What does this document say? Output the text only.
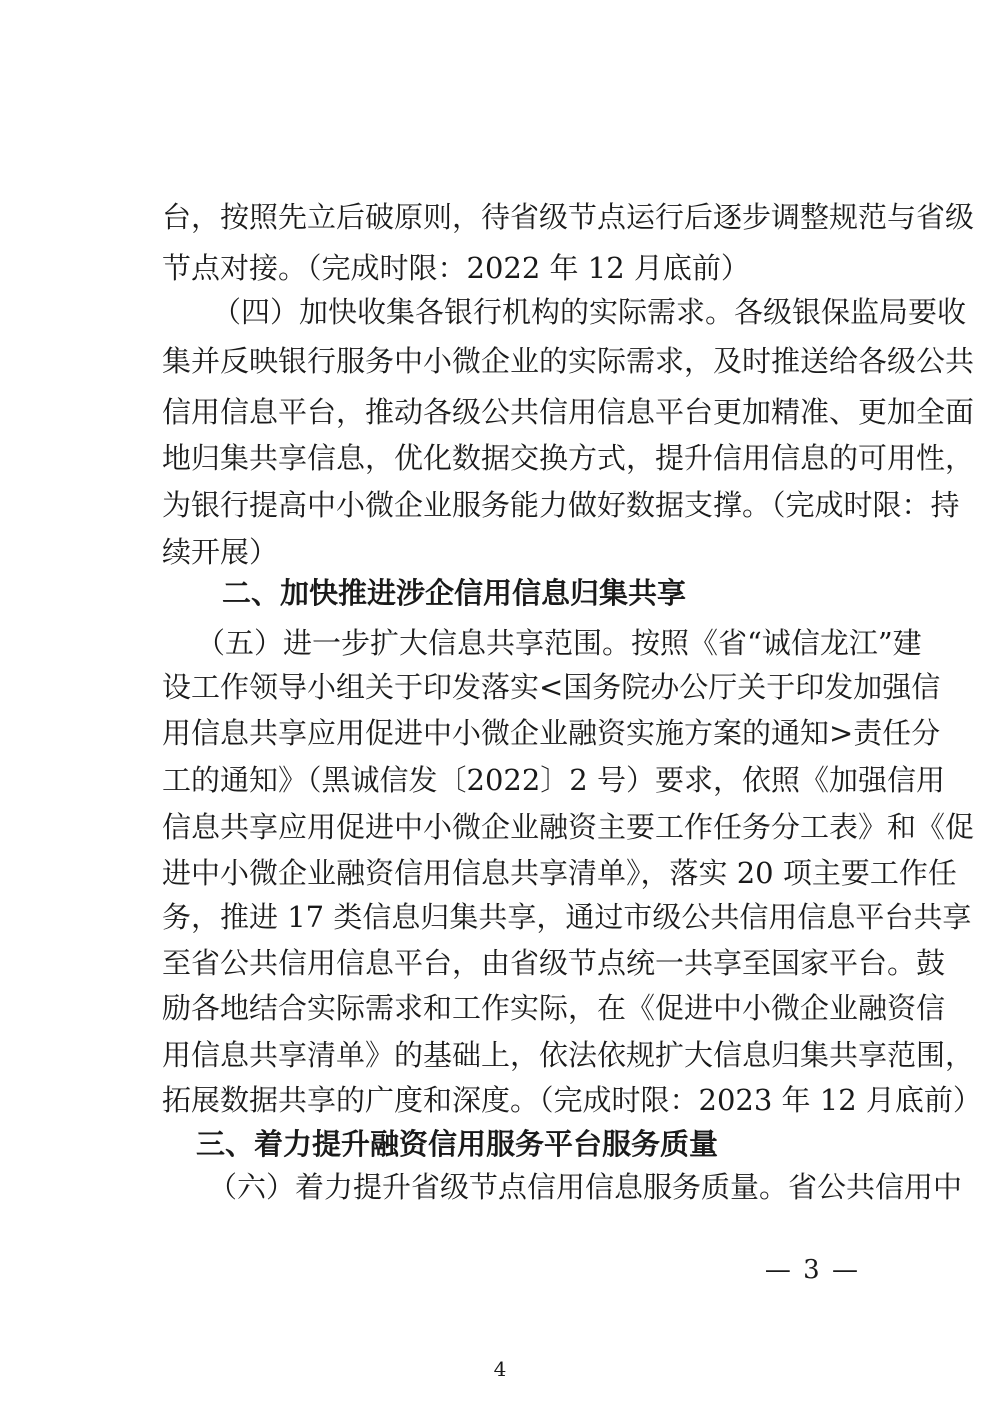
台，按照先立后破原则，待省级节点运行后逐步调整规范与省级
节点对接。（完成时限：2022 年 12 月底前）
（四）加快收集各银行机构的实际需求。各级银保监局要收
集并反映银行服务中小微企业的实际需求，及时推送给各级公共
信用信息平台，推动各级公共信用信息平台更加精准、更加全面
地归集共享信息，优化数据交换方式，提升信用信息的可用性，
为银行提高中小微企业服务能力做好数据支撑。（完成时限：持
续开展）
二、加快推进涉企信用信息归集共享
（五）进一步扩大信息共享范围。按照《省“诚信龙江”建
设工作领导小组关于印发落实<国务院办公厅关于印发加强信
用信息共享应用促进中小微企业融资实施方案的通知>责任分
工的通知》（黑诚信发〔2022〕2 号）要求，依照《加强信用
信息共享应用促进中小微企业融资主要工作任务分工表》和《促
进中小微企业融资信用信息共享清单》，落实 20 项主要工作任
务，推进 17 类信息归集共享，通过市级公共信用信息平台共享
至省公共信用信息平台，由省级节点统一共享至国家平台。鼓
励各地结合实际需求和工作实际，在《促进中小微企业融资信
用信息共享清单》的基础上，依法依规扩大信息归集共享范围，
拓展数据共享的广度和深度。（完成时限：2023 年 12 月底前）
三、着力提升融资信用服务平台服务质量
（六）着力提升省级节点信用信息服务质量。省公共信用中
— 3 —
4
